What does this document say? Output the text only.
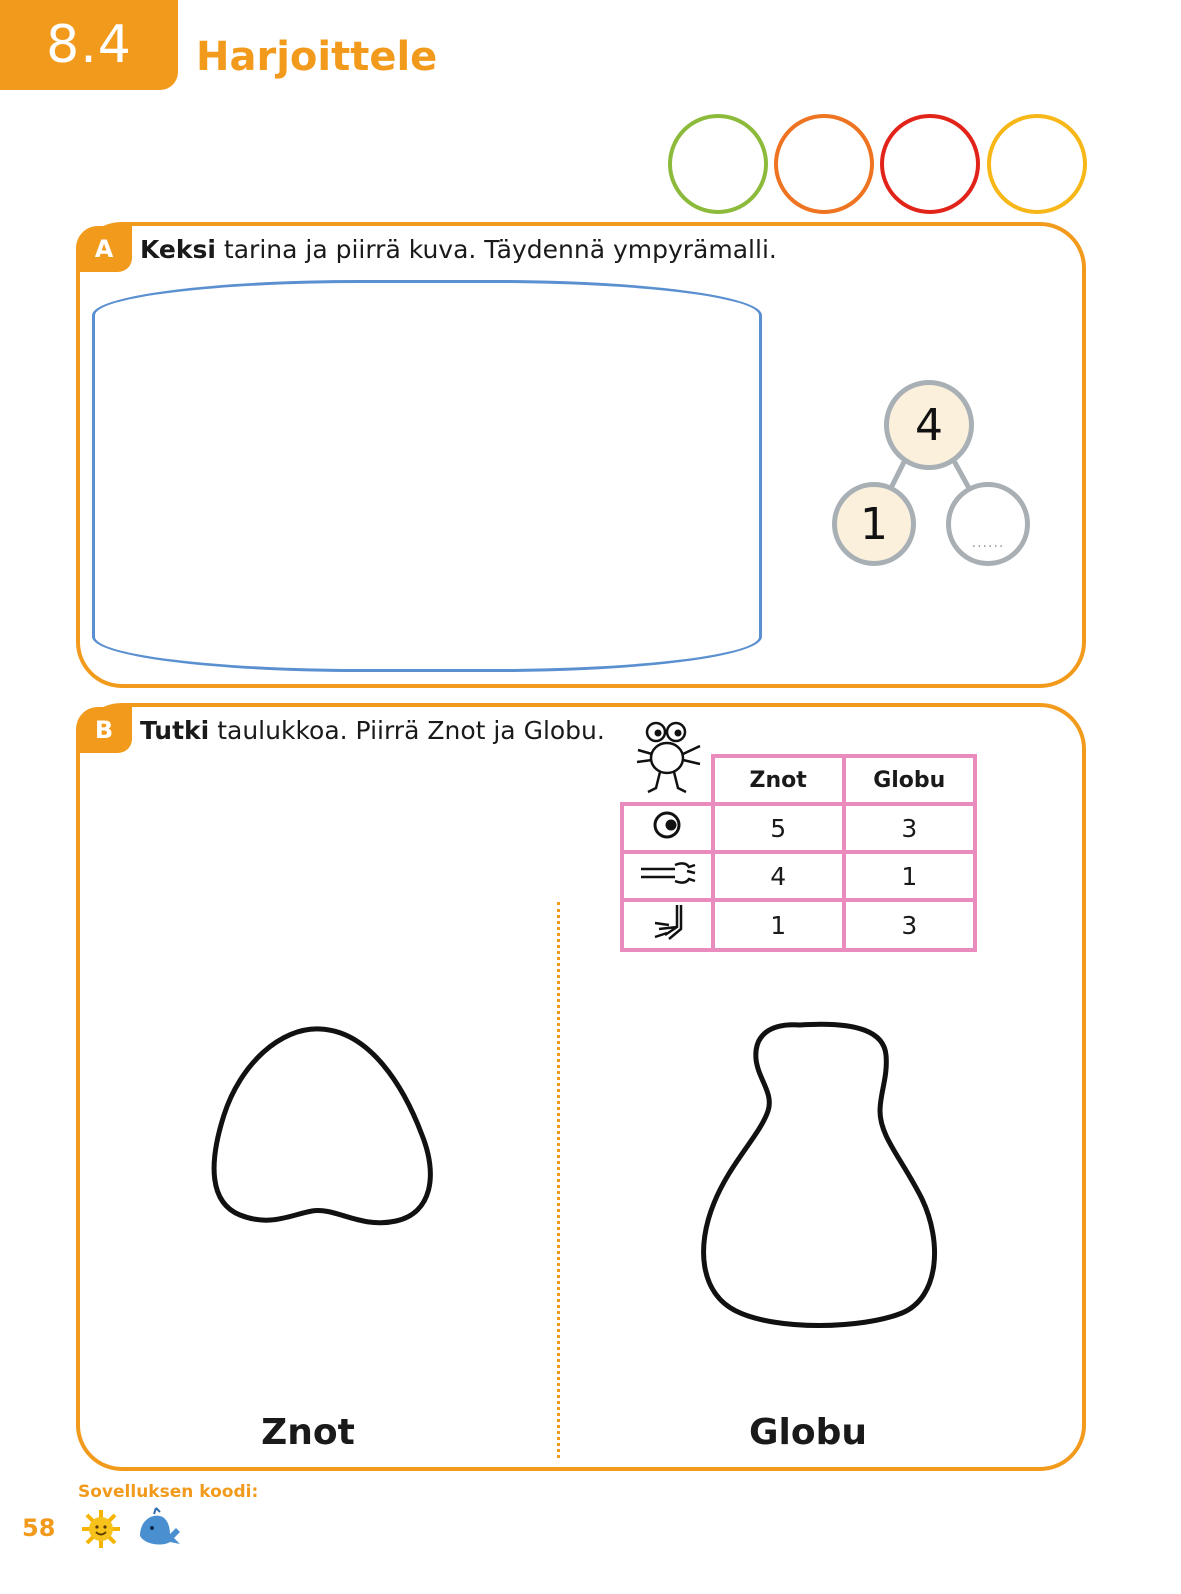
8.4	Harjoittele
A	Keksi tarina ja piirrä kuva. Täydennä ympyrämalli.
4
1	......
B	Tutki taulukkoa. Piirrä Znot ja Globu.
	Znot	Globu
	5	3
	4	1
	1	3
Znot	Globu
Sovelluksen koodi:
58
